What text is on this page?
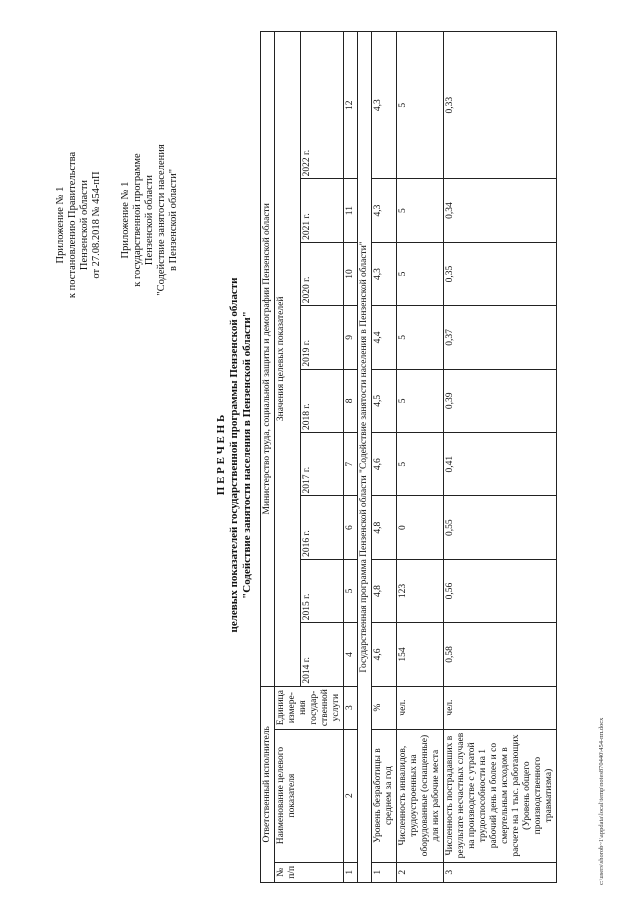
Приложение № 1 к постановлению Правительства Пензенской области от 27.08.2018 № 454-пП Приложение № 1 к государственной программе Пензенской области "Содействие занятости населения в Пензенской области"
П Е Р Е Ч Е Н Ь целевых показателей государственной программы Пензенской области "Содействие занятости населения в Пензенской области"
Ответственный исполнитель			Министерство труда, социальной защиты и демографии Пензенской области								
№ п/п	Наименование целевого показателя	Единица измере-ния государ-ственной услуги	Значения целевых показателей								
			2014 г.	2015 г.	2016 г.	2017 г.	2018 г.	2019 г.	2020 г.	2021 г.	2022 г.
1	2	3	4	5	6	7	8	9	10	11	12
Государственная программа Пензенской области "Содействие занятости населения в Пензенской области"											
1	Уровень безработицы в среднем за год	%	4,6	4,8	4,8	4,6	4,5	4,4	4,3	4,3	4,3
2	Численность инвалидов, трудоустроенных на оборудованные (оснащенные) для них рабочие места	чел.	154	123	0	5	5	5	5	5	5
3	Численность пострадавших в результате несчастных случаев на производстве с утратой трудоспособности на 1 рабочий день и более и со смертельным исходом в расчете на 1 тыс. работающих (Уровень общего производственного травматизма)	чел.	0,58	0,56	0,55	0,41	0,39	0,37	0,35	0,34	0,33
c:\users\shorob~1\appdata\local\temp\notes870440\454-пп.docx
